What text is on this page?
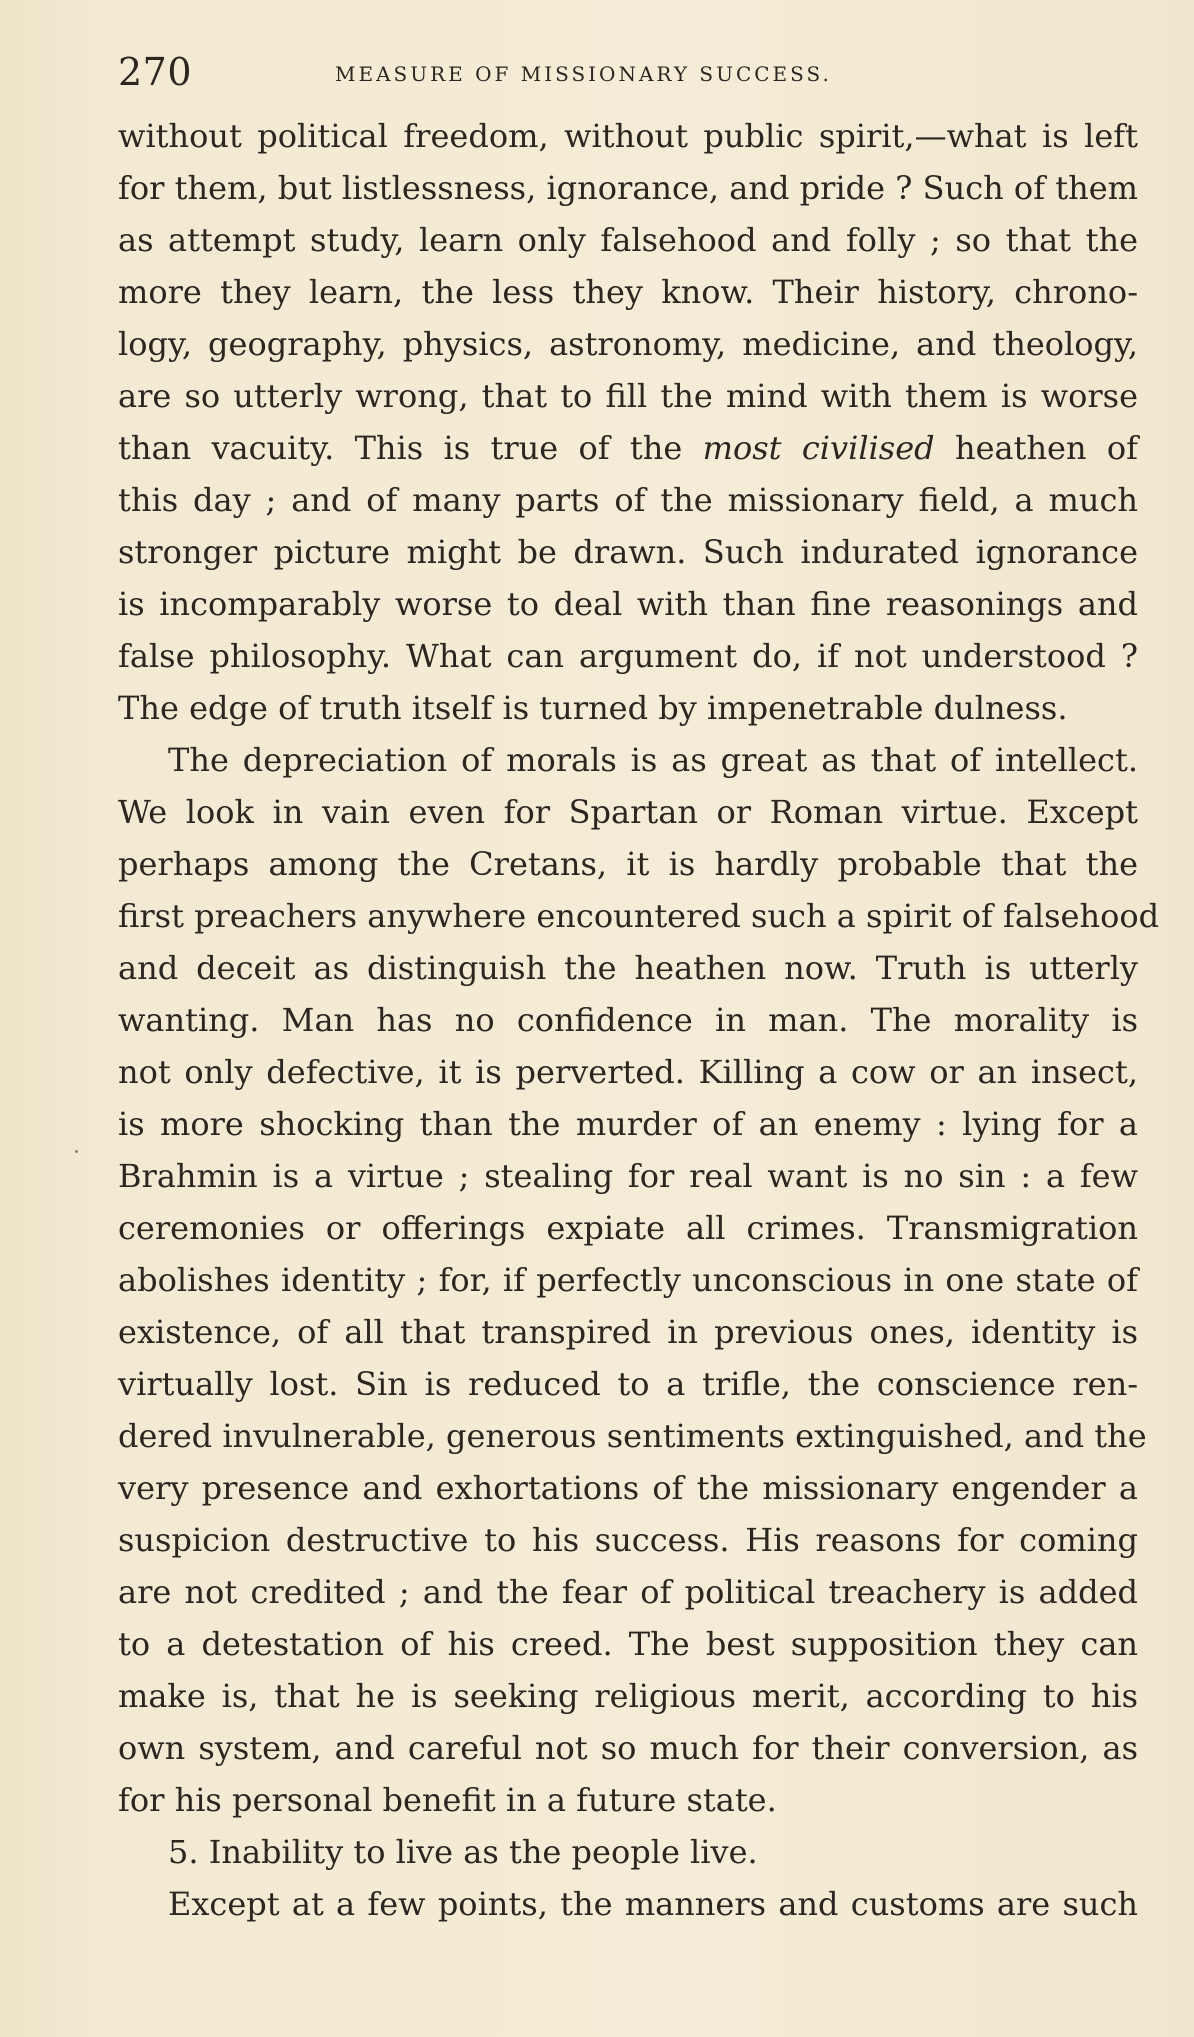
270	MEASURE OF MISSIONARY SUCCESS.
without political freedom, without public spirit,—what is left
for them, but listlessness, ignorance, and pride ? Such of them
as attempt study, learn only falsehood and folly ; so that the
more they learn, the less they know. Their history, chrono-
logy, geography, physics, astronomy, medicine, and theology,
are so utterly wrong, that to fill the mind with them is worse
than vacuity. This is true of the most civilised heathen of
this day ; and of many parts of the missionary field, a much
stronger picture might be drawn. Such indurated ignorance
is incomparably worse to deal with than fine reasonings and
false philosophy. What can argument do, if not understood ?
The edge of truth itself is turned by impenetrable dulness.
The depreciation of morals is as great as that of intellect.
We look in vain even for Spartan or Roman virtue. Except
perhaps among the Cretans, it is hardly probable that the
first preachers anywhere encountered such a spirit of falsehood
and deceit as distinguish the heathen now. Truth is utterly
wanting. Man has no confidence in man. The morality is
not only defective, it is perverted. Killing a cow or an insect,
is more shocking than the murder of an enemy : lying for a
Brahmin is a virtue ; stealing for real want is no sin : a few
ceremonies or offerings expiate all crimes. Transmigration
abolishes identity ; for, if perfectly unconscious in one state of
existence, of all that transpired in previous ones, identity is
virtually lost. Sin is reduced to a trifle, the conscience ren-
dered invulnerable, generous sentiments extinguished, and the
very presence and exhortations of the missionary engender a
suspicion destructive to his success. His reasons for coming
are not credited ; and the fear of political treachery is added
to a detestation of his creed. The best supposition they can
make is, that he is seeking religious merit, according to his
own system, and careful not so much for their conversion, as
for his personal benefit in a future state.
5. Inability to live as the people live.
Except at a few points, the manners and customs are such
